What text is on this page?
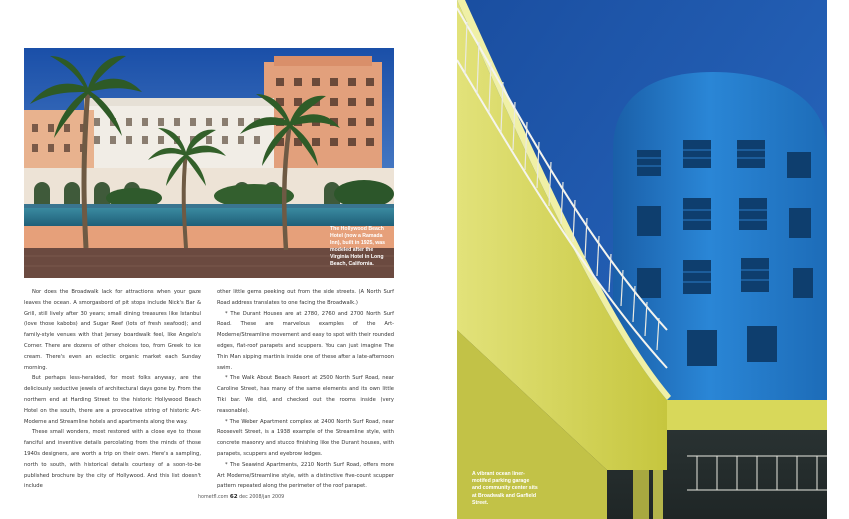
The Hollywood Beach Hotel (now a Ramada Inn), built in 1925, was modeled after the Virginia Hotel in Long Beach, California.

Nor does the Broadwalk lack for attractions when your gaze leaves the ocean. A smorgasbord of pit stops include Nick's Bar & Grill, still lively after 30 years; small dining treasures like Istanbul (love those kabobs) and Sugar Reef (lots of fresh seafood); and family-style venues with that Jersey boardwalk feel, like Angelo's Corner. There are dozens of other choices too, from Greek to ice cream. There's even an eclectic organic market each Sunday morning.

But perhaps less-heralded, for most folks anyway, are the deliciously seductive jewels of architectural days gone by. From the northern end at Harding Street to the historic Hollywood Beach Hotel on the south, there are a provocative string of historic Art-Moderne and Streamline hotels and apartments along the way.

These small wonders, most restored with a close eye to those fanciful and inventive details percolating from the minds of those 1940s designers, are worth a trip on their own. Here's a sampling, north to south, with historical details courtesy of a soon-to-be published brochure by the city of Hollywood. And this list doesn't include

other little gems peeking out from the side streets. (A North Surf Road address translates to one facing the Broadwalk.)

* The Durant Houses are at 2780, 2760 and 2700 North Surf Road. These are marvelous examples of the Art-Moderne/Streamline movement and easy to spot with their rounded edges, flat-roof parapets and scuppers. You can just imagine The Thin Man sipping martinis inside one of these after a late-afternoon swim.

* The Walk About Beach Resort at 2500 North Surf Road, near Caroline Street, has many of the same elements and its own little Tiki bar. We did, and checked out the rooms inside (very reasonable).

* The Weber Apartment complex at 2400 North Surf Road, near Roosevelt Street, is a 1938 example of the Streamline style, with concrete masonry and stucco finishing like the Durant houses, with parapets, scuppers and eyebrow ledges.

* The Seawind Apartments, 2210 North Surf Road, offers more Art Moderne/Streamline style, with a distinctive five-count scupper pattern repeated along the perimeter of the roof parapet.

hometfl.com 62 dec 2008/jan 2009
A vibrant ocean liner-motifed parking garage and community center sits at Broadwalk and Garfield Street.
